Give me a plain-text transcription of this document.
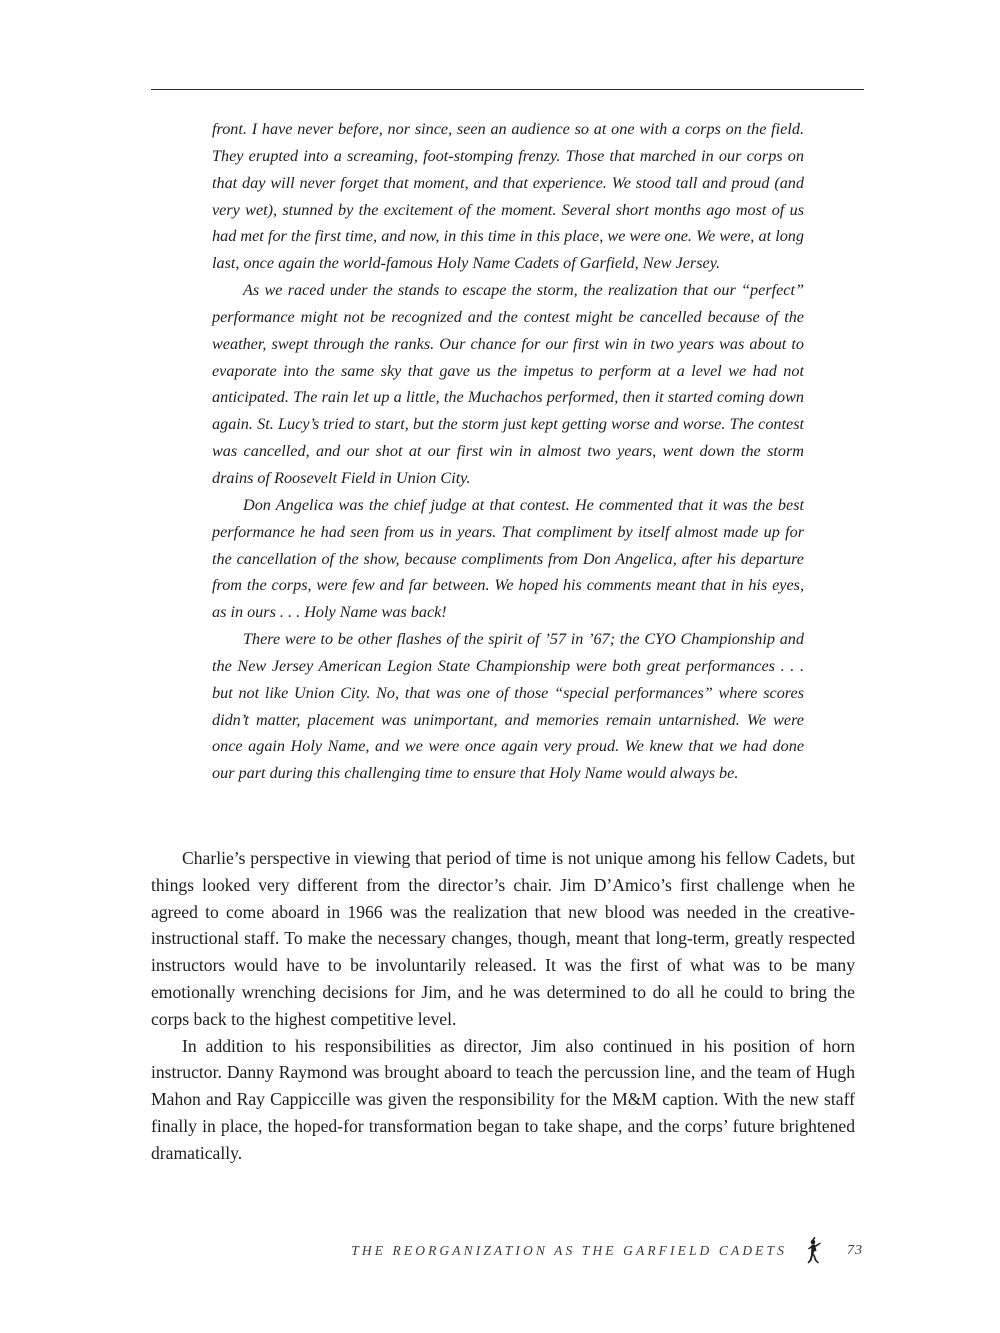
front. I have never before, nor since, seen an audience so at one with a corps on the field. They erupted into a screaming, foot-stomping frenzy. Those that marched in our corps on that day will never forget that moment, and that experience. We stood tall and proud (and very wet), stunned by the excitement of the moment. Several short months ago most of us had met for the first time, and now, in this time in this place, we were one. We were, at long last, once again the world-famous Holy Name Cadets of Garfield, New Jersey.

As we raced under the stands to escape the storm, the realization that our “perfect” performance might not be recognized and the contest might be cancelled because of the weather, swept through the ranks. Our chance for our first win in two years was about to evaporate into the same sky that gave us the impetus to perform at a level we had not anticipated. The rain let up a little, the Muchachos performed, then it started coming down again. St. Lucy’s tried to start, but the storm just kept getting worse and worse. The contest was cancelled, and our shot at our first win in almost two years, went down the storm drains of Roosevelt Field in Union City.

Don Angelica was the chief judge at that contest. He commented that it was the best performance he had seen from us in years. That compliment by itself almost made up for the cancellation of the show, because compliments from Don Angelica, after his departure from the corps, were few and far between. We hoped his comments meant that in his eyes, as in ours . . . Holy Name was back!

There were to be other flashes of the spirit of ’57 in ’67; the CYO Championship and the New Jersey American Legion State Championship were both great performances . . . but not like Union City. No, that was one of those “special performances” where scores didn’t matter, placement was unimportant, and memories remain untarnished. We were once again Holy Name, and we were once again very proud. We knew that we had done our part during this challenging time to ensure that Holy Name would always be.

Charlie’s perspective in viewing that period of time is not unique among his fellow Cadets, but things looked very different from the director’s chair. Jim D’Amico’s first challenge when he agreed to come aboard in 1966 was the realization that new blood was needed in the creative-instructional staff. To make the necessary changes, though, meant that long-term, greatly respected instructors would have to be involuntarily released. It was the first of what was to be many emotionally wrenching decisions for Jim, and he was determined to do all he could to bring the corps back to the highest competitive level.

In addition to his responsibilities as director, Jim also continued in his position of horn instructor. Danny Raymond was brought aboard to teach the percussion line, and the team of Hugh Mahon and Ray Cappiccille was given the responsibility for the M&M caption. With the new staff finally in place, the hoped-for transformation began to take shape, and the corps’ future brightened dramatically.

THE REORGANIZATION AS THE GARFIELD CADETS	73
